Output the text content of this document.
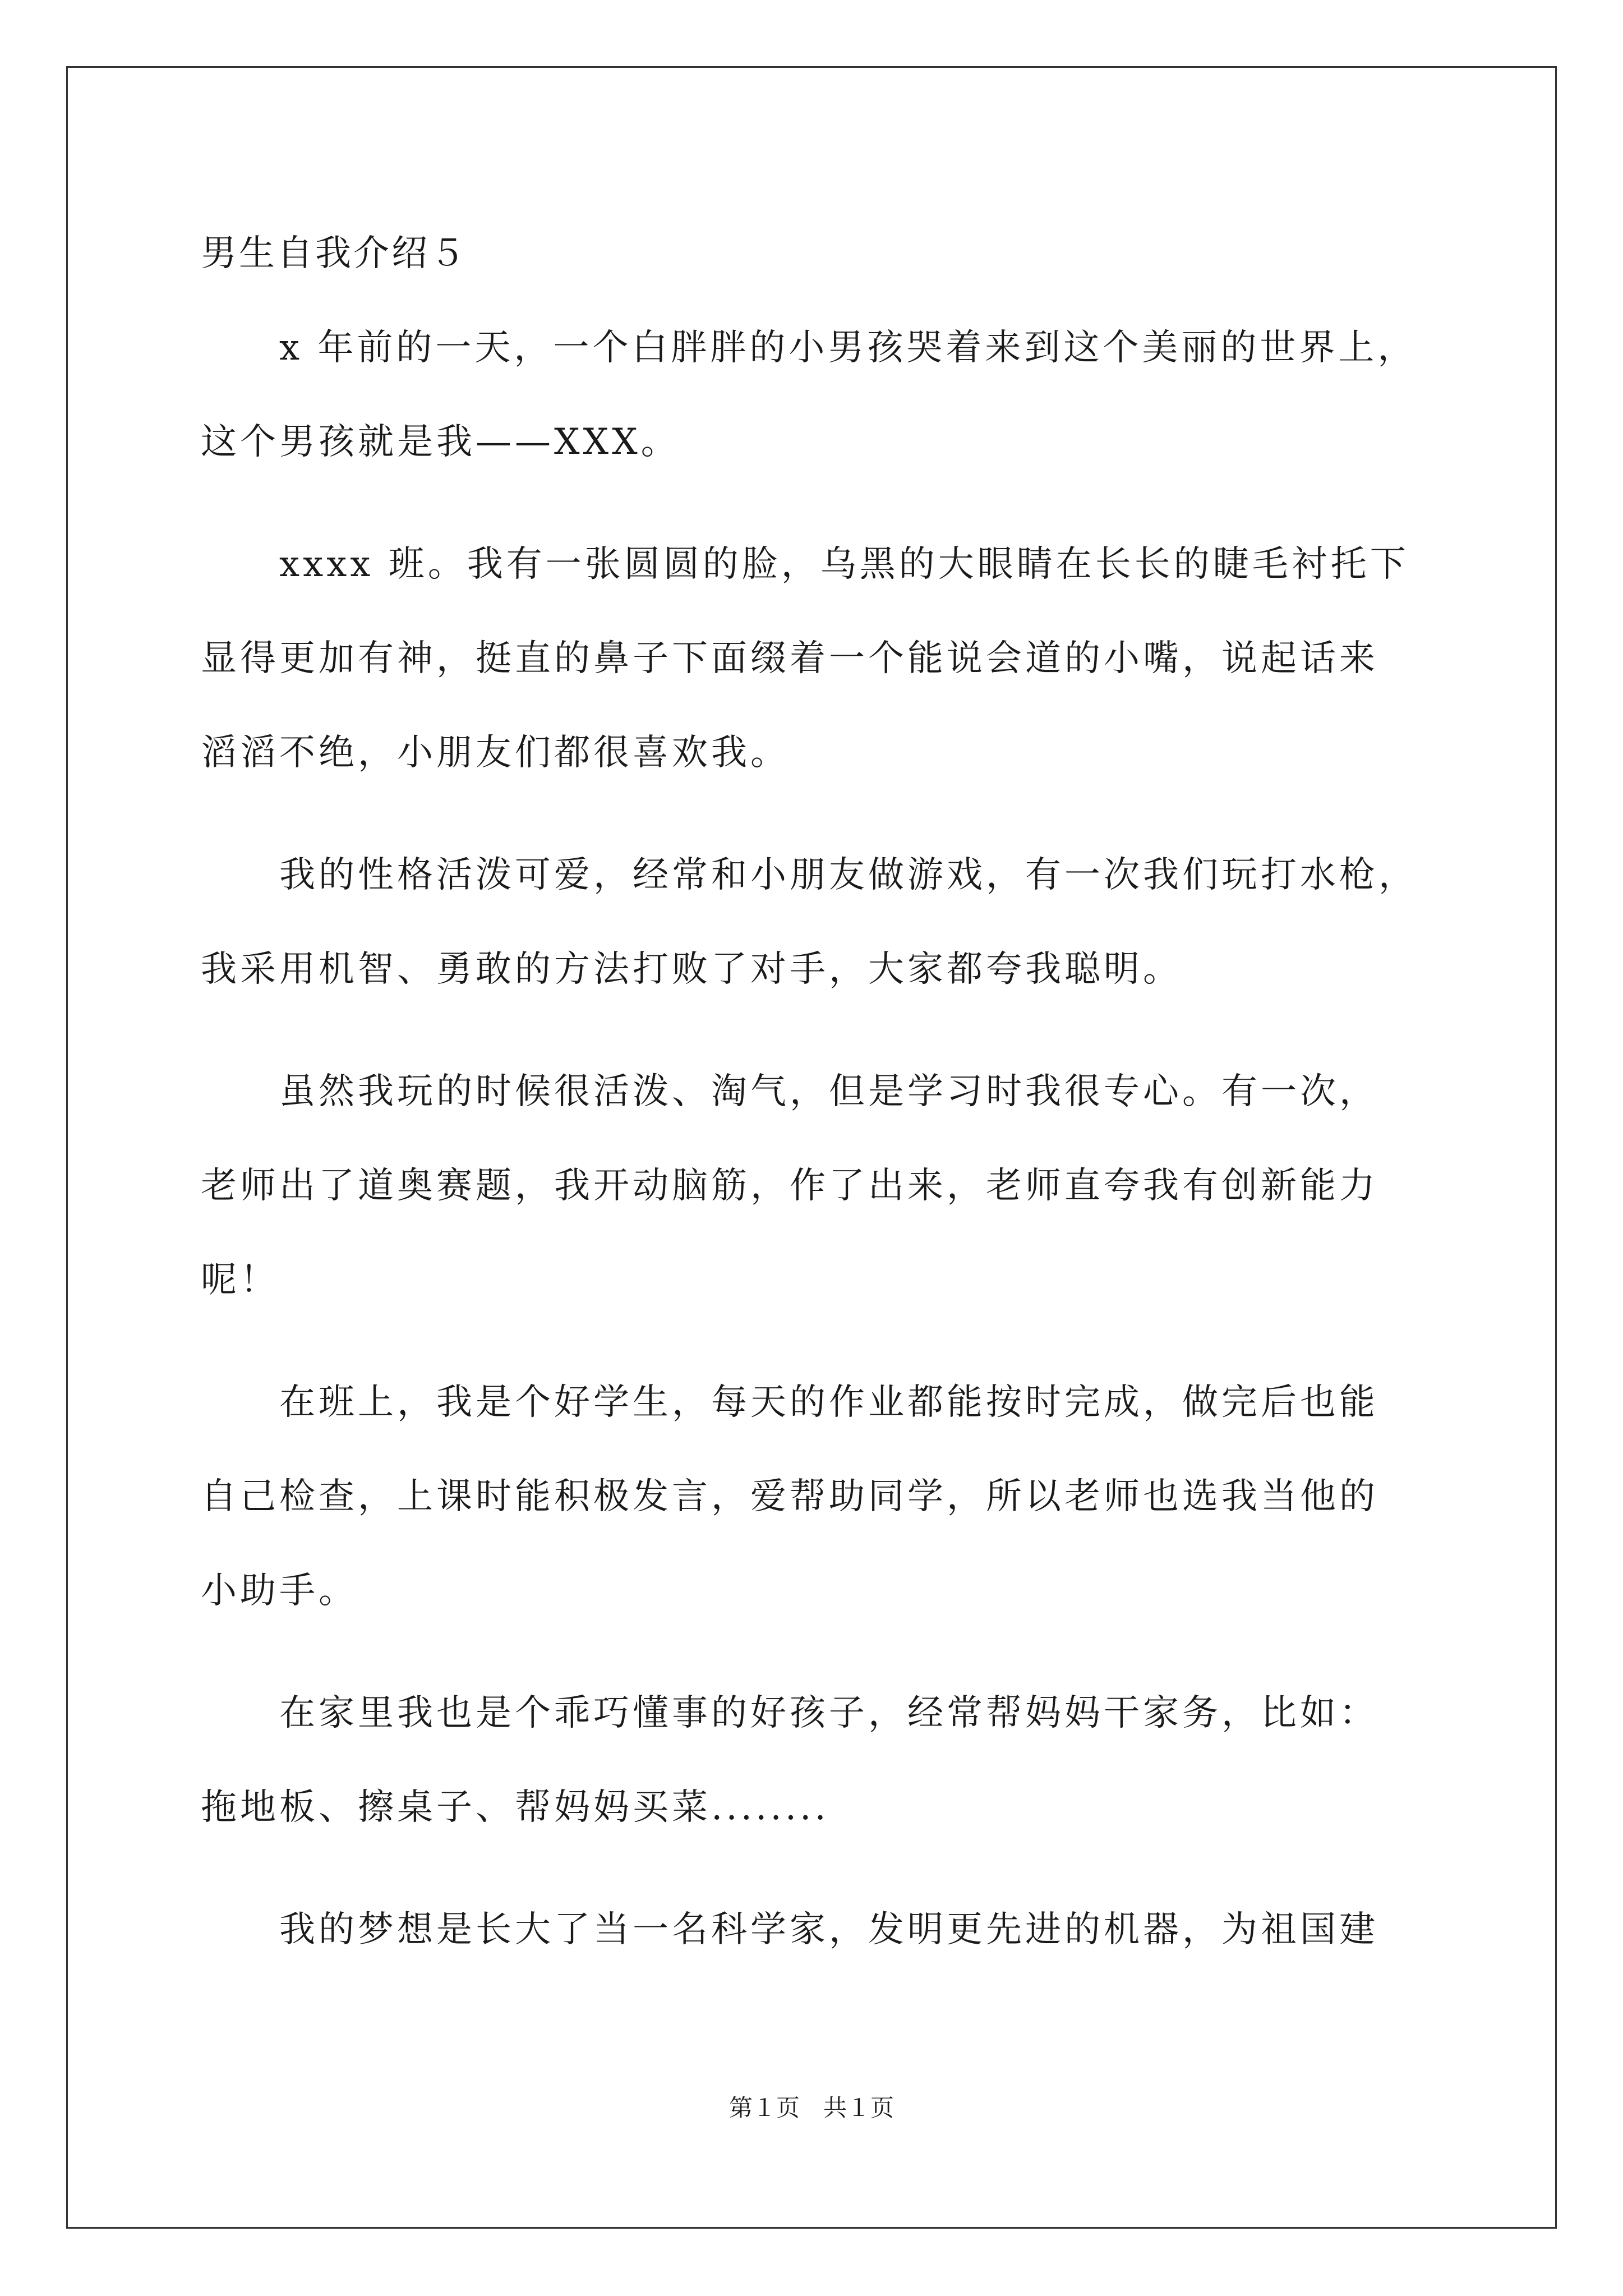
男生自我介绍５
x 年前的一天，一个白胖胖的小男孩哭着来到这个美丽的世界上，
这个男孩就是我——XXX。
xxxx 班。我有一张圆圆的脸，乌黑的大眼睛在长长的睫毛衬托下
显得更加有神，挺直的鼻子下面缀着一个能说会道的小嘴，说起话来
滔滔不绝，小朋友们都很喜欢我。
我的性格活泼可爱，经常和小朋友做游戏，有一次我们玩打水枪，
我采用机智、勇敢的方法打败了对手，大家都夸我聪明。
虽然我玩的时候很活泼、淘气，但是学习时我很专心。有一次，
老师出了道奥赛题，我开动脑筋，作了出来，老师直夸我有创新能力
呢！
在班上，我是个好学生，每天的作业都能按时完成，做完后也能
自己检查，上课时能积极发言，爱帮助同学，所以老师也选我当他的
小助手。
在家里我也是个乖巧懂事的好孩子，经常帮妈妈干家务，比如：
拖地板、擦桌子、帮妈妈买菜........
我的梦想是长大了当一名科学家，发明更先进的机器，为祖国建
第１页　共１页
